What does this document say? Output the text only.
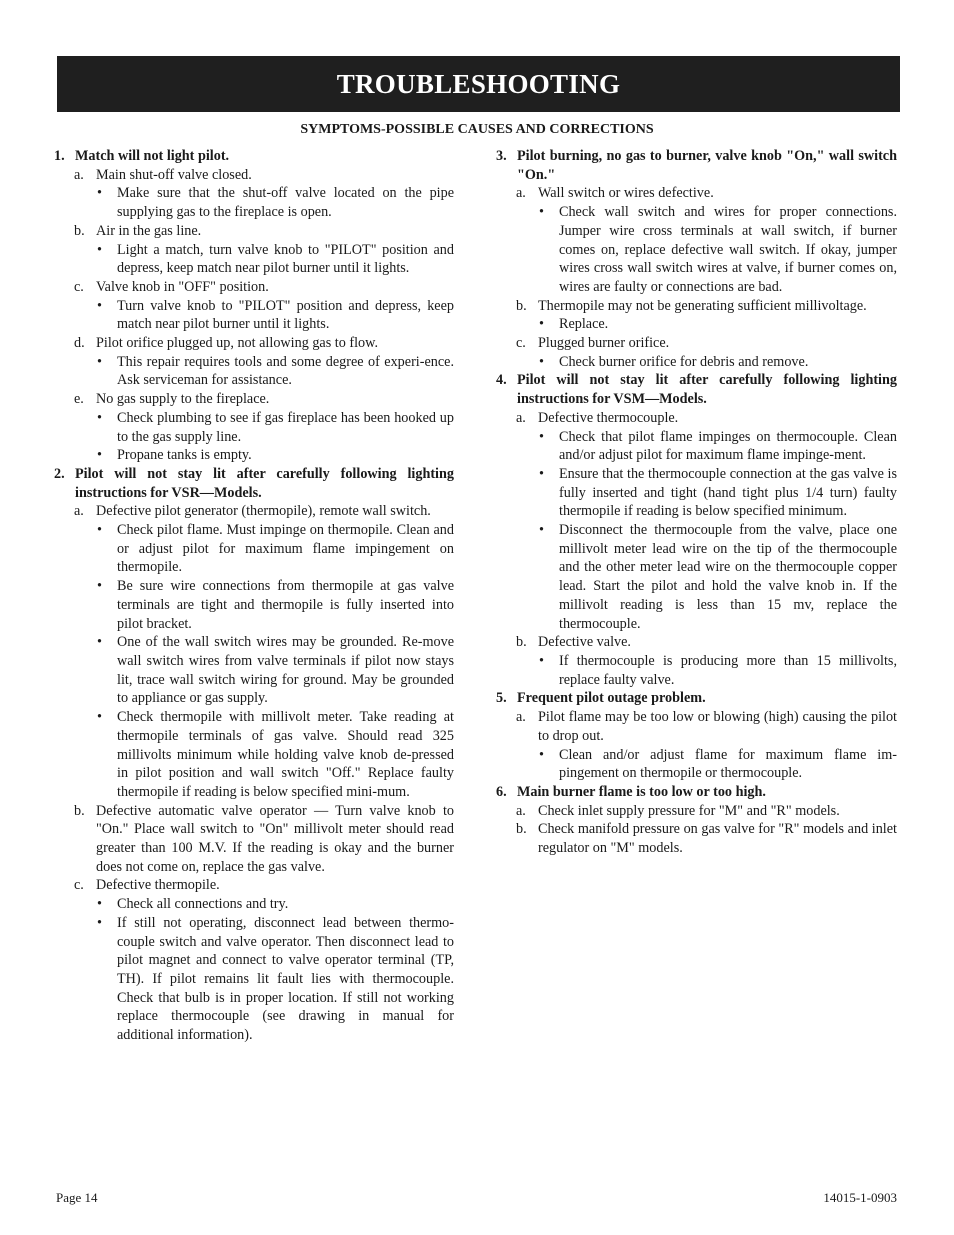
TROUBLESHOOTING
SYMPTOMS-POSSIBLE CAUSES AND CORRECTIONS
1. Match will not light pilot.
a. Main shut-off valve closed.
•	Make sure that the shut-off valve located on the pipe supplying gas to the fireplace is open.
b. Air in the gas line.
•	Light a match, turn valve knob to "PILOT" position and depress, keep match near pilot burner until it lights.
c. Valve knob in "OFF" position.
•	Turn valve knob to "PILOT" position and depress, keep match near pilot burner until it lights.
d. Pilot orifice plugged up, not allowing gas to flow.
•	This repair requires tools and some degree of experi-ence. Ask serviceman for assistance.
e. No gas supply to the fireplace.
•	Check plumbing to see if gas fireplace has been hooked up to the gas supply line.
•	Propane tanks is empty.
2. Pilot will not stay lit after carefully following lighting instructions for VSR—Models.
a. Defective pilot generator (thermopile), remote wall switch.
•	Check pilot flame. Must impinge on thermopile. Clean and or adjust pilot for maximum flame impingement on thermopile.
•	Be sure wire connections from thermopile at gas valve terminals are tight and thermopile is fully inserted into pilot bracket.
•	One of the wall switch wires may be grounded. Re-move wall switch wires from valve terminals if pilot now stays lit, trace wall switch wiring for ground. May be grounded to appliance or gas supply.
•	Check thermopile with millivolt meter. Take reading at thermopile terminals of gas valve. Should read 325 millivolts minimum while holding valve knob de-pressed in pilot position and wall switch "Off." Replace faulty thermopile if reading is below specified mini-mum.
b. Defective automatic valve operator — Turn valve knob to "On." Place wall switch to "On" millivolt meter should read greater than 100 M.V. If the reading is okay and the burner does not come on, replace the gas valve.
c. Defective thermopile.
•	Check all connections and try.
•	If still not operating, disconnect lead between thermo-couple switch and valve operator. Then disconnect lead to pilot magnet and connect to valve operator terminal (TP, TH). If pilot remains lit fault lies with thermocouple. Check that bulb is in proper location. If still not working replace thermocouple (see drawing in manual for additional information).
3. Pilot burning, no gas to burner, valve knob "On," wall switch "On."
a. Wall switch or wires defective.
•	Check wall switch and wires for proper connections. Jumper wire cross terminals at wall switch, if burner comes on, replace defective wall switch. If okay, jumper wires cross wall switch wires at valve, if burner comes on, wires are faulty or connections are bad.
b. Thermopile may not be generating sufficient millivoltage.
•	Replace.
c. Plugged burner orifice.
•	Check burner orifice for debris and remove.
4. Pilot will not stay lit after carefully following lighting instructions for VSM—Models.
a. Defective thermocouple.
•	Check that pilot flame impinges on thermocouple. Clean and/or adjust pilot for maximum flame impinge-ment.
•	Ensure that the thermocouple connection at the gas valve is fully inserted and tight (hand tight plus 1/4 turn) faulty thermopile if reading is below specified minimum.
•	Disconnect the thermocouple from the valve, place one millivolt meter lead wire on the tip of the thermocouple and the other meter lead wire on the thermocouple copper lead. Start the pilot and hold the valve knob in. If the millivolt reading is less than 15 mv, replace the thermocouple.
b. Defective valve.
•	If thermocouple is producing more than 15 millivolts, replace faulty valve.
5. Frequent pilot outage problem.
a. Pilot flame may be too low or blowing (high) causing the pilot to drop out.
•	Clean and/or adjust flame for maximum flame im-pingement on thermopile or thermocouple.
6. Main burner flame is too low or too high.
a. Check inlet supply pressure for "M" and "R" models.
b. Check manifold pressure on gas valve for "R" models and inlet regulator on "M" models.
Page 14	14015-1-0903
